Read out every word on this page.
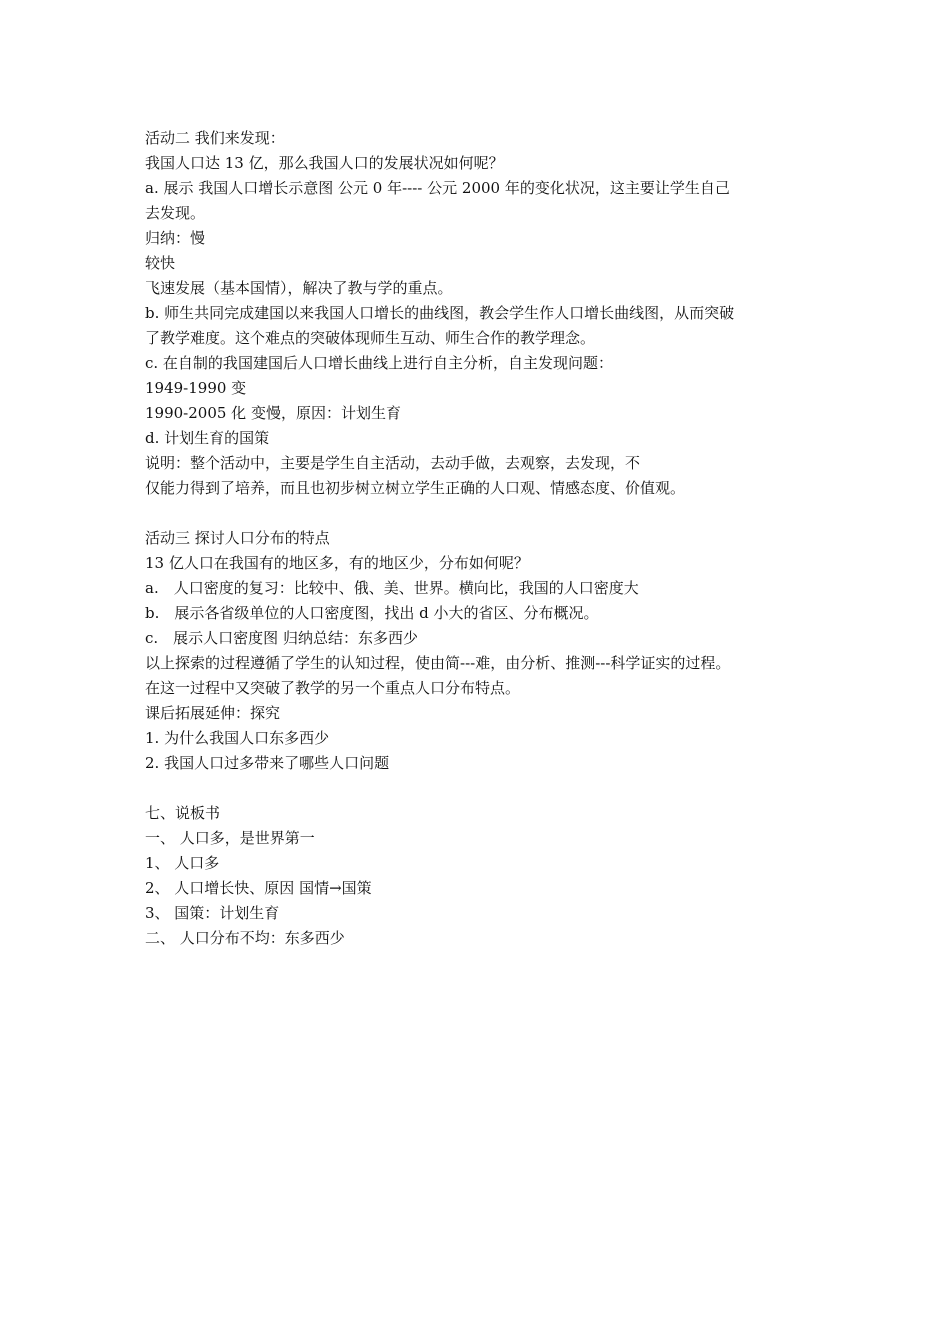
活动二 我们来发现：
我国人口达 13 亿，那么我国人口的发展状况如何呢？
a. 展示 我国人口增长示意图 公元 0 年---- 公元 2000 年的变化状况，这主要让学生自己
去发现。
归纳：慢
较快
飞速发展（基本国情），解决了教与学的重点。
b. 师生共同完成建国以来我国人口增长的曲线图，教会学生作人口增长曲线图，从而突破
了教学难度。这个难点的突破体现师生互动、师生合作的教学理念。
c. 在自制的我国建国后人口增长曲线上进行自主分析，自主发现问题：
1949-1990 变
1990-2005 化 变慢，原因：计划生育
d. 计划生育的国策
说明：整个活动中，主要是学生自主活动，去动手做，去观察，去发现，不
仅能力得到了培养，而且也初步树立树立学生正确的人口观、情感态度、价值观。
活动三 探讨人口分布的特点
13 亿人口在我国有的地区多，有的地区少，分布如何呢？
a.　人口密度的复习：比较中、俄、美、世界。横向比，我国的人口密度大
b.　展示各省级单位的人口密度图，找出 d 小大的省区、分布概况。
c.　展示人口密度图 归纳总结：东多西少
以上探索的过程遵循了学生的认知过程，使由简---难，由分析、推测---科学证实的过程。
在这一过程中又突破了教学的另一个重点人口分布特点。
课后拓展延伸：探究
1. 为什么我国人口东多西少
2. 我国人口过多带来了哪些人口问题
七、说板书
一、 人口多，是世界第一
1、 人口多
2、 人口增长快、原因 国情→国策
3、 国策：计划生育
二、 人口分布不均：东多西少
